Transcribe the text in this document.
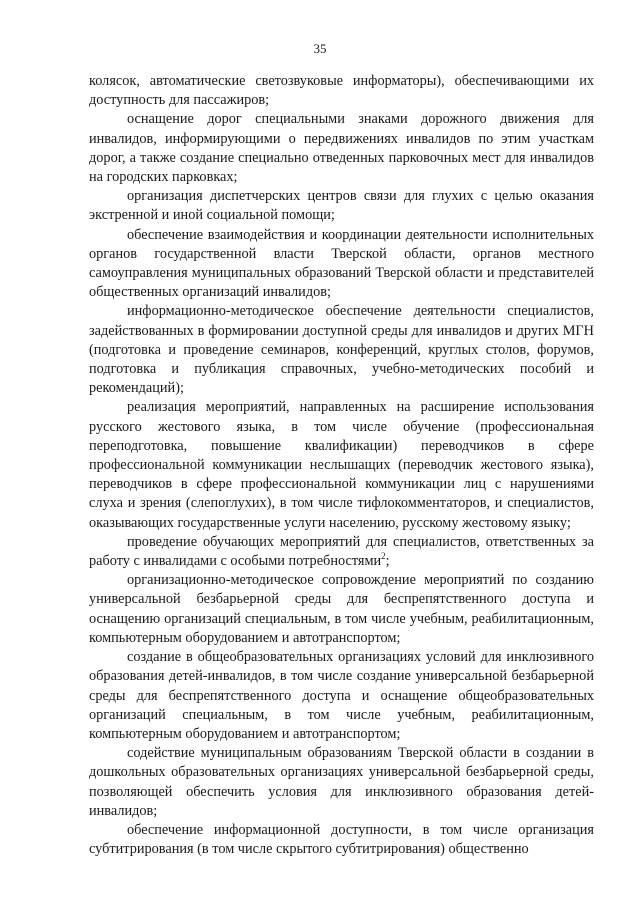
35

колясок, автоматические светозвуковые информаторы), обеспечивающими их доступность для пассажиров;

оснащение дорог специальными знаками дорожного движения для инвалидов, информирующими о передвижениях инвалидов по этим участкам дорог, а также создание специально отведенных парковочных мест для инвалидов на городских парковках;

организация диспетчерских центров связи для глухих с целью оказания экстренной и иной социальной помощи;

обеспечение взаимодействия и координации деятельности исполнительных органов государственной власти Тверской области, органов местного самоуправления муниципальных образований Тверской области и представителей общественных организаций инвалидов;

информационно-методическое обеспечение деятельности специалистов, задействованных в формировании доступной среды для инвалидов и других МГН (подготовка и проведение семинаров, конференций, круглых столов, форумов, подготовка и публикация справочных, учебно-методических пособий и рекомендаций);

реализация мероприятий, направленных на расширение использования русского жестового языка, в том числе обучение (профессиональная переподготовка, повышение квалификации) переводчиков в сфере профессиональной коммуникации неслышащих (переводчик жестового языка), переводчиков в сфере профессиональной коммуникации лиц с нарушениями слуха и зрения (слепоглухих), в том числе тифлокомментаторов, и специалистов, оказывающих государственные услуги населению, русскому жестовому языку;

проведение обучающих мероприятий для специалистов, ответственных за работу с инвалидами с особыми потребностями$^2$;

организационно-методическое сопровождение мероприятий по созданию универсальной безбарьерной среды для беспрепятственного доступа и оснащению организаций специальным, в том числе учебным, реабилитационным, компьютерным оборудованием и автотранспортом;

создание в общеобразовательных организациях условий для инклюзивного образования детей-инвалидов, в том числе создание универсальной безбарьерной среды для беспрепятственного доступа и оснащение общеобразовательных организаций специальным, в том числе учебным, реабилитационным, компьютерным оборудованием и автотранспортом;

содействие муниципальным образованиям Тверской области в создании в дошкольных образовательных организациях универсальной безбарьерной среды, позволяющей обеспечить условия для инклюзивного образования детей-инвалидов;

обеспечение информационной доступности, в том числе организация субтитрирования (в том числе скрытого субтитрирования) общественно
